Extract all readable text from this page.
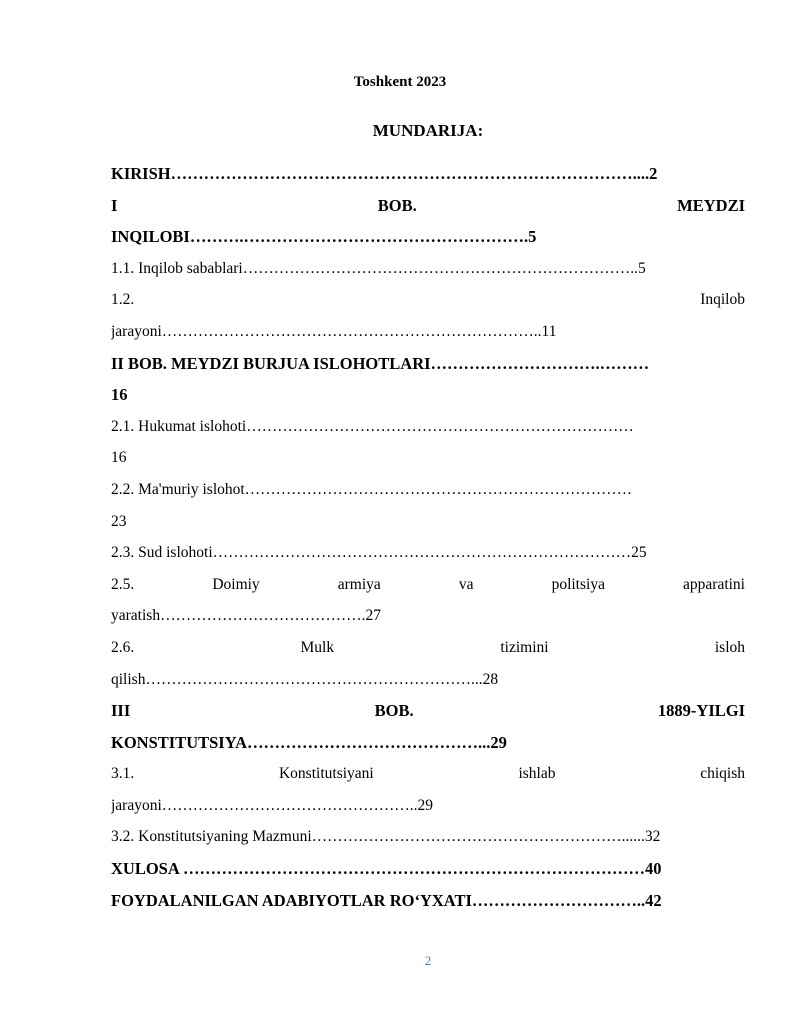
Toshkent 2023
MUNDARIJA:
KIRISH…………………………………………………………………………....2
I BOB. MEYDZI
INQILOBI……….…………………………………………….5
1.1. Inqilob sabablari…………………………………………………………………..5
1.2. Inqilob
jarayoni………………………………………………………………..11
II BOB. MEYDZI BURJUA ISLOHOTLARI………………………….………
16
2.1. Hukumat islohoti…………………………………………………………………
16
2.2. Ma'muriy islohot…………………………………………………………………
23
2.3. Sud islohoti………………………………………………………………………25
2.5. Doimiy armiya va politsiya apparatini
yaratish………………………………….27
2.6. Mulk tizimini isloh
qilish………………………………………………………...28
III BOB. 1889-YILGI
KONSTITUTSIYA……………………………………...29
3.1. Konstitutsiyani ishlab chiqish
jarayoni…………………………………………..29
3.2. Konstitutsiyaning Mazmuni……………………………………………………......32
XULOSA …………………………………………………………………………40
FOYDALANILGAN ADABIYOTLAR RO‘YXATI…………………………..42
2
